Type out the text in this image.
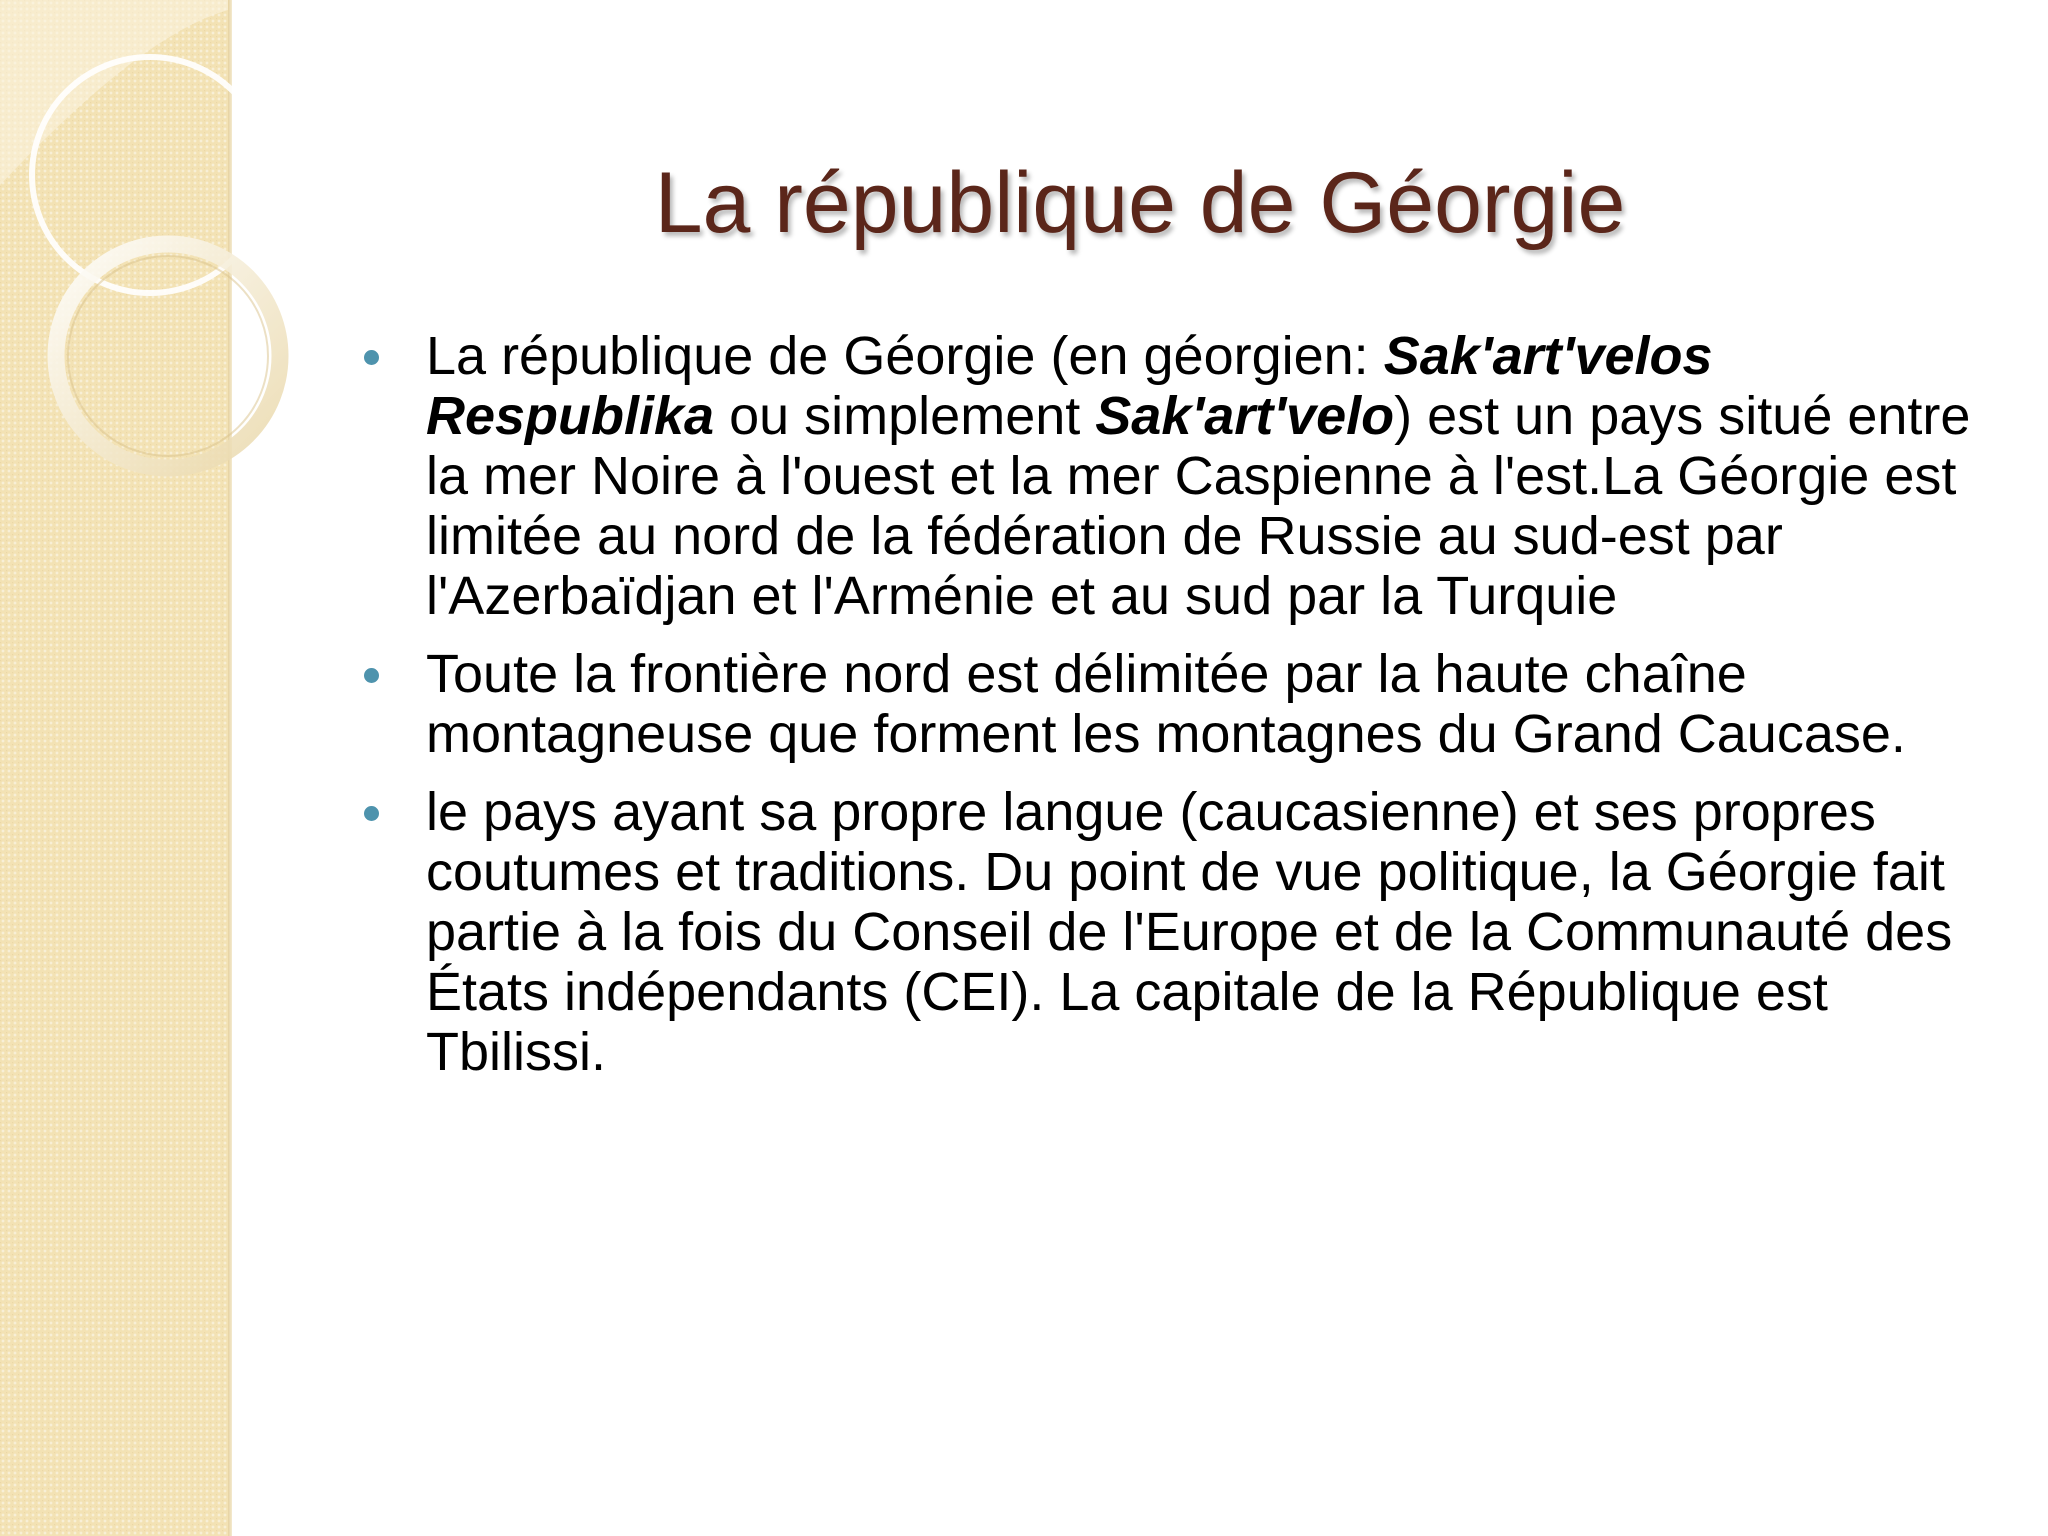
La république de Géorgie
La république de Géorgie (en géorgien: Sak'art'velos Respublika ou simplement Sak'art'velo) est un pays situé entre la mer Noire à l'ouest et la mer Caspienne à l'est.La Géorgie est limitée au nord de la fédération de Russie au sud-est par l'Azerbaïdjan et l'Arménie et au sud par la Turquie
Toute la frontière nord est délimitée par la haute chaîne montagneuse que forment les montagnes du Grand Caucase.
le pays ayant sa propre langue (caucasienne) et ses propres coutumes et traditions. Du point de vue politique, la Géorgie fait partie à la fois du Conseil de l'Europe et de la Communauté des États indépendants (CEI). La capitale de la République est Tbilissi.
